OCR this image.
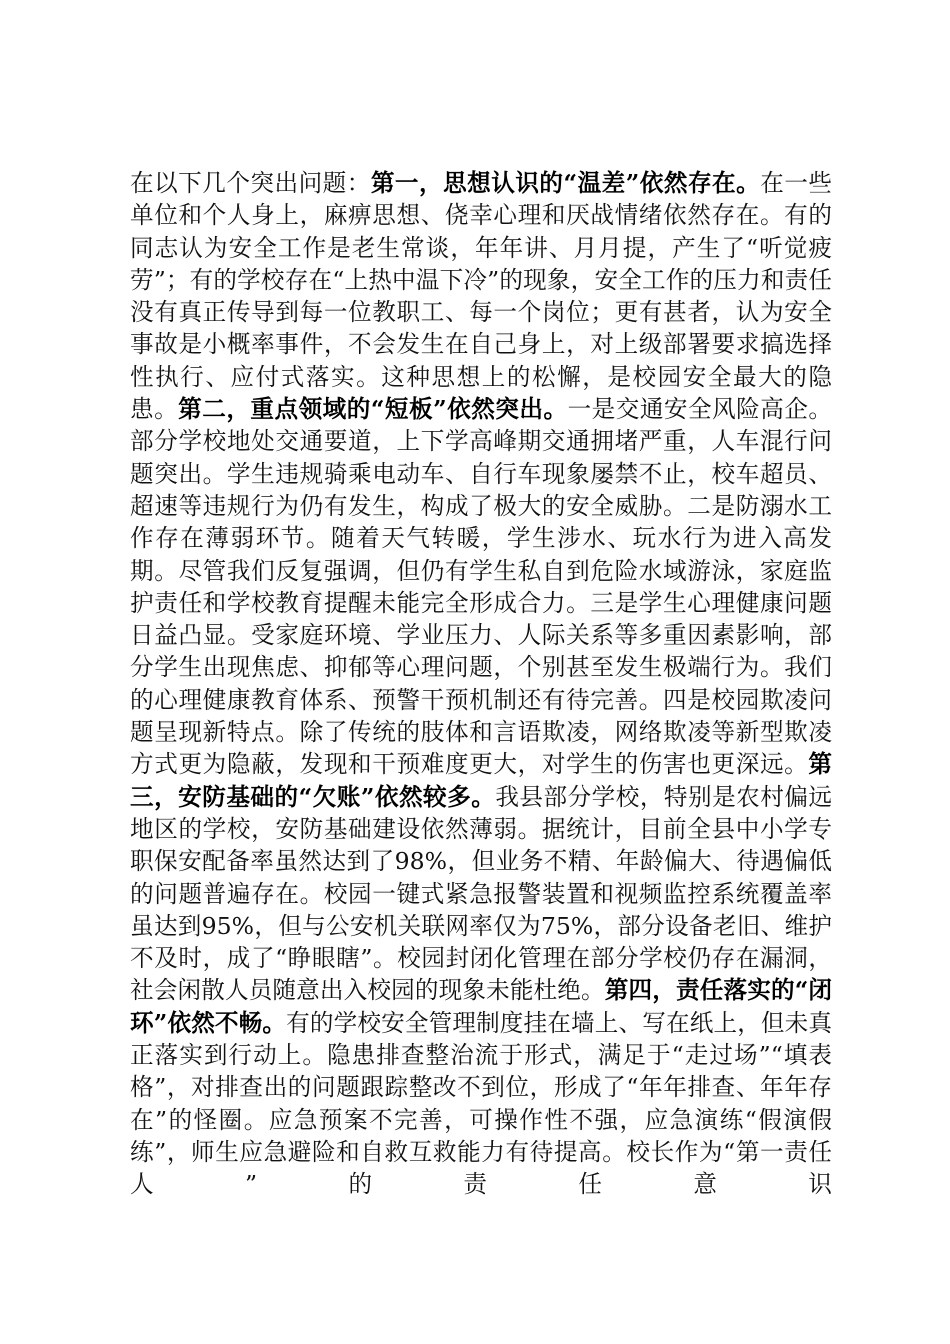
在以下几个突出问题：第一，思想认识的“温差”依然存在。在一些单位和个人身上，麻痹思想、侥幸心理和厌战情绪依然存在。有的同志认为安全工作是老生常谈，年年讲、月月提，产生了“听觉疲劳”；有的学校存在“上热中温下冷”的现象，安全工作的压力和责任没有真正传导到每一位教职工、每一个岗位；更有甚者，认为安全事故是小概率事件，不会发生在自己身上，对上级部署要求搞选择性执行、应付式落实。这种思想上的松懈，是校园安全最大的隐患。第二，重点领域的“短板”依然突出。一是交通安全风险高企。部分学校地处交通要道，上下学高峰期交通拥堵严重，人车混行问题突出。学生违规骑乘电动车、自行车现象屡禁不止，校车超员、超速等违规行为仍有发生，构成了极大的安全威胁。二是防溺水工作存在薄弱环节。随着天气转暖，学生涉水、玩水行为进入高发期。尽管我们反复强调，但仍有学生私自到危险水域游泳，家庭监护责任和学校教育提醒未能完全形成合力。三是学生心理健康问题日益凸显。受家庭环境、学业压力、人际关系等多重因素影响，部分学生出现焦虑、抑郁等心理问题，个别甚至发生极端行为。我们的心理健康教育体系、预警干预机制还有待完善。四是校园欺凌问题呈现新特点。除了传统的肢体和言语欺凌，网络欺凌等新型欺凌方式更为隐蔽，发现和干预难度更大，对学生的伤害也更深远。第三，安防基础的“欠账”依然较多。我县部分学校，特别是农村偏远地区的学校，安防基础建设依然薄弱。据统计，目前全县中小学专职保安配备率虽然达到了98%，但业务不精、年龄偏大、待遇偏低的问题普遍存在。校园一键式紧急报警装置和视频监控系统覆盖率虽达到95%，但与公安机关联网率仅为75%，部分设备老旧、维护不及时，成了“睁眼瞎”。校园封闭化管理在部分学校仍存在漏洞，社会闲散人员随意出入校园的现象未能杜绝。第四，责任落实的“闭环”依然不畅。有的学校安全管理制度挂在墙上、写在纸上，但未真正落实到行动上。隐患排查整治流于形式，满足于“走过场”“填表格”，对排查出的问题跟踪整改不到位，形成了“年年排查、年年存在”的怪圈。应急预案不完善，可操作性不强，应急演练“假演假练”，师生应急避险和自救互救能力有待提高。校长作为“第一责任人”的责任意识
